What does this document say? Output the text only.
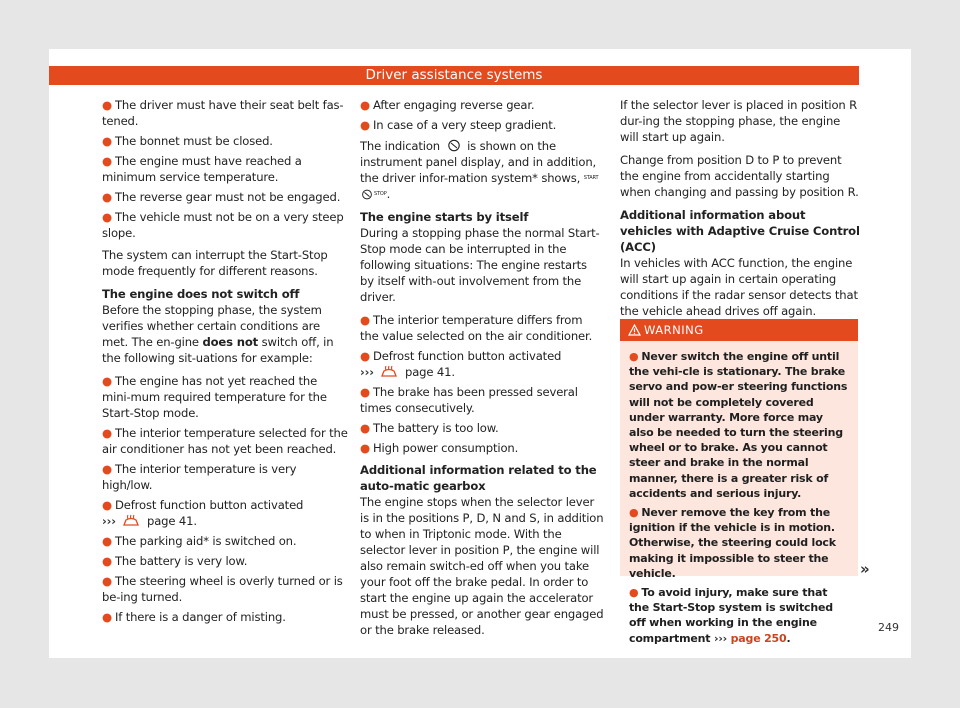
Driver assistance systems
● The driver must have their seat belt fas-tened.
● The bonnet must be closed.
● The engine must have reached a minimum service temperature.
● The reverse gear must not be engaged.
● The vehicle must not be on a very steep slope.

The system can interrupt the Start-Stop mode frequently for different reasons.

The engine does not switch off

Before the stopping phase, the system verifies whether certain conditions are met. The en-gine does not switch off, in the following sit-uations for example:

● The engine has not yet reached the mini-mum required temperature for the Start-Stop mode.
● The interior temperature selected for the air conditioner has not yet been reached.
● The interior temperature is very high/low.
● Defrost function button activated
›››	page 41.
● The parking aid* is switched on.
● The battery is very low.
● The steering wheel is overly turned or is be-ing turned.
● If there is a danger of misting.
● After engaging reverse gear.
● In case of a very steep gradient.

The indication is shown on the instrument panel display, and in addition, the driver infor-mation system* shows, $^{STARTSTOP}$.

The engine starts by itself

During a stopping phase the normal Start-Stop mode can be interrupted in the following situations: The engine restarts by itself with-out involvement from the driver.

● The interior temperature differs from the value selected on the air conditioner.
● Defrost function button activated
›››	page 41.
● The brake has been pressed several times consecutively.
● The battery is too low.
● High power consumption.
Additional information related to the auto-matic gearbox

The engine stops when the selector lever is in the positions P, D, N and S, in addition to when in Triptonic mode. With the selector lever in position P, the engine will also remain switch-ed off when you take your foot off the brake pedal. In order to start the engine up again the accelerator must be pressed, or another gear engaged or the brake released.

If the selector lever is placed in position R dur-ing the stopping phase, the engine will start up again.

Change from position D to P to prevent the engine from accidentally starting when changing and passing by position R.

Additional information about vehicles with Adaptive Cruise Control (ACC)

In vehicles with ACC function, the engine will start up again in certain operating conditions if the radar sensor detects that the vehicle ahead drives off again.

WARNING
● Never switch the engine off until the vehi-cle is stationary. The brake servo and pow-er steering functions will not be completely covered under warranty. More force may also be needed to turn the steering wheel or to brake. As you cannot steer and brake in the normal manner, there is a greater risk of accidents and serious injury.
● Never remove the key from the ignition if the vehicle is in motion. Otherwise, the steering could lock making it impossible to steer the vehicle.
● To avoid injury, make sure that the Start-Stop system is switched off when working in the engine compartment ››› page 250.
»
249
